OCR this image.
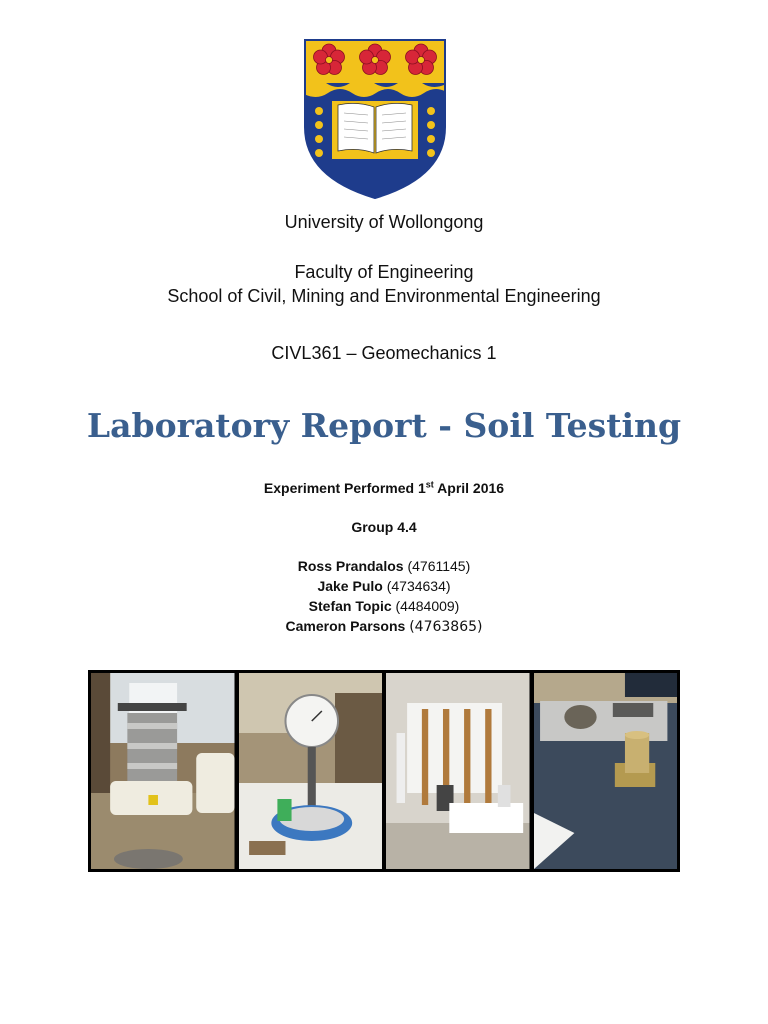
University of Wollongong
Faculty of Engineering
School of Civil, Mining and Environmental Engineering
CIVL361 – Geomechanics 1
Laboratory Report - Soil Testing
Experiment Performed 1st April 2016
Group 4.4
Ross Prandalos (4761145)
Jake Pulo (4734634)
Stefan Topic (4484009)
Cameron Parsons (4763865)
